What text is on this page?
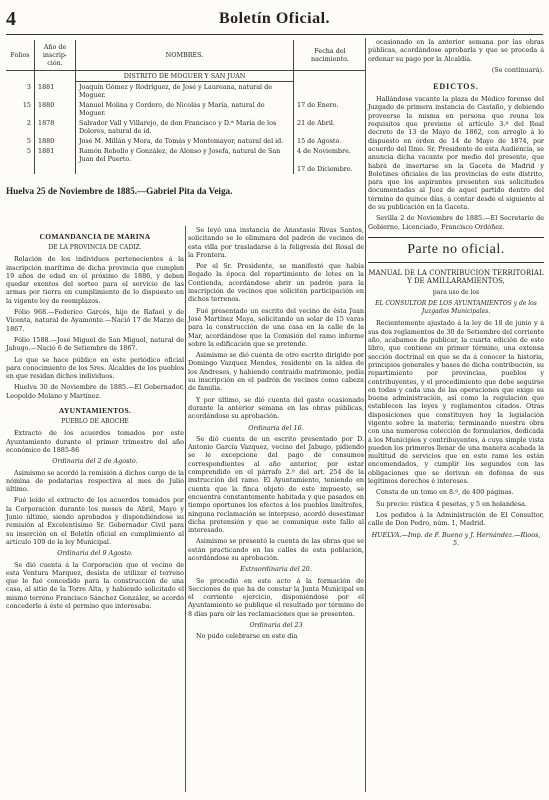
4	Boletín Oficial.
Folios	Año de inscrip-ción.	NOMBRES.	Fecha del nacimiento.
		DISTRITO DE MOGUER Y SAN JUAN	
3	1881	Joaquín Gómez y Rodríguez, de José y Laureana, natural de Moguer.	
15	1880	Manuel Molina y Cordero, de Nicolás y María, natural de Moguer.	17 de Enero.
2	1878	Salvador Vall y Villarejo, de don Francisco y D.ª María de los Dolores, natural de id.	21 de Abril.
5	1880	José M. Millán y Mora, de Tomás y Montemayor, natural del id.	15 de Agosto.
5	1881	Ramón Rebollo y González, de Alonso y Josefa, natural de San Juan del Puerto.	4 de Noviembre.
			17 de Diciembre.
Huelva 25 de Noviembre de 1885.—Gabriel Pita da Veiga.

COMANDANCIA DE MARINA

DE LA PROVINCIA DE CADIZ.

Relación de los individuos pertenecientes á la inscripción marítima de dicha provincia que cumplen 19 años de edad en el próximo de 1886, y deben quedar exentos del sorteo para el servicio de las armas por tierra en cumplimiento de lo dispuesto en la vigente ley de reemplazos.

Fólio 968.—Federico Garcés, hijo de Rafael y de Vicenta, natural de Ayamonte.—Nació 17 de Marzo de 1867.

Fólio 1588.—José Miguel de San Miguel, natural de Jabugo.—Nació 6 de Setiembre de 1867.

Lo que se hace público en este periódico oficial para conocimiento de los Sres. Alcaldes de los pueblos en que residan dichos individuos.

Huelva 30 de Noviembre de 1885.—El Gobernador, Leopoldo Molano y Martínez.

AYUNTAMIENTOS.

PUEBLO DE AROCHE

Extracto de los acuerdos tomados por este Ayuntamiento durante el primer trimestre del año económico de 1885-86

Ordinaria del 2 de Agosto.

Asimismo se acordó la remisión á dichos cargo de la nómina de podatarias respectiva al mes de Julio último.

Fué leído el extracto de los acuerdos tomados por la Corporación durante los meses de Abril, Mayo y Junio último, siendo aprobados y dispondiéndose su remisión al Excelentísimo Sr. Gobernador Civil para su inserción en el Boletín oficial en cumplimiento al artículo 109 de la ley Municipal.

Ordinaria del 9 Agosto.

Se dió cuenta á la Corporación que el vecino de esta Ventura Marquez, desista de utilizar el terreno que le fué concedido para la construcción de una casa, al sitio de la Torre Alta, y habiendo solicitado el mismo terreno Francisco Sánchez González, se acordó concederle á éste el permiso que interesaba.

Se leyó una instancia de Anastasio Rivas Santos, solicitando se le eliminara del padrón de vecinos de esta villa por trasladarse á la feligresía del Rosal de la Frontera.

Por el Sr. Presidente, se manifestó que había llegado la época del repartimiento de lotes en la Contienda, acordándose abrir un padrón para la inscripción de vecinos que soliciten participación en dichos terrenos.

Fué presentado un escrito del vecino de ésta Juan José Martínez Maya, solicitando un solar de 15 varas para la construcción de una casa en la calle de la Mar, acordándose que la Comisión del ramo informe sobre la edificación que se pretende.

Asimismo se dió cuenta de otro escrito dirigido por Domingo Vazquez Mendes, residente en la aldea de los Andreses, y habiendo contraido matrimonio, pedía su inscripción en el padrón de vecinos como cabeza de familia.

Y por último, se dió cuenta del gasto ocasionado durante la anterior semana en las obras públicas, acordándose su aprobación.

Ordinaria del 16.

Se dió cuenta de un escrito presentado por D. Antonio García Vazquez, vecino del Jabugo, pidiendo se le excepcione del pago de consumos correspondientes al año anterior, por estar comprendido en el párrafo 2.º del art. 254 de la instrucción del ramo. El Ayuntamiento, teniendo en cuenta que la finca objeto de este impuesto, se encuentra constantemente habitada y que pasados en tiempo oportunos los efectos á los pueblos limítrofes, ninguna reclamación se interpuso, acordó desestimar dicha pretensión y que se comunique este fallo al interesado.

Asimismo se presentó la cuenta de las obras que se están practicando en las calles de esta población, acordándose su aprobación.

Extraordinaria del 20.

Se procedió en este acto á la formación de Secciones de que ha de constar la Junta Municipal en el corriente ejercicio, disponiéndose por el Ayuntamiento se publique el resultado por término de 8 días para oír las reclamaciones que se presenten.

Ordinaria del 23

No pudo celebrarse en este día

ocasionado en la anterior semana por las obras públicas, acordándose aprobarla y que se proceda á ordenar su pago por la Alcaldía.

(Se continuará).

EDICTOS.

Hallándose vacante la plaza de Médico forense del Juzgado de primera instancia de Castaño, y debiendo proveerse la misma en persona que reuna los requisitos que previene el artículo 3.º del Real decreto de 13 de Mayo de 1862, con arreglo á lo dispuesto en órden de 14 de Mayo de 1874, por acuerdo del Ilmo. Sr. Presidente de esta Audiencia, se anuncia dicha vacante por medio del presente, que habrá de insertarse en la Gaceta de Madrid y Boletines oficiales de las provincias de este distrito, para que los aspirantes presenten sus solicitudes documentadas al Juez de aquel partido dentro del término de quince días, á contar desde el siguiente al de su publicación en la Gaceta.

Sevilla 2 de Noviembre de 1885.—El Secretario de Gobierno, Licenciado, Francisco Ordóñez.

Parte no oficial.

MANUAL DE LA CONTRIBUCION TERRITORIAL Y DE AMILLARAMIENTOS,

para uso de los

EL CONSULTOR DE LOS AYUNTAMIENTOS y de los Juzgados Municipales.

Recientemente ajustado á la ley de 18 de junio y á sus dos reglamentos de 30 de Setiembre del corriente año, acabamos de publicar, la cuarta edición de este libro, que contiene en primer término, una extensa sección doctrinal en que se da á conocer la historia, principios generales y bases de dicha contribución, su repartimiento por provincias, pueblos y contribuyentes, y el procedimiento que debe seguirse en todas y cada una de las operaciones que exige su buena administración, así como la regulación que establecen las leyes y reglamentos citados. Otras disposiciones que constituyen hoy la legislación vigente sobre la materia; terminando nuestra obra con una numerosa colección de formularios, dedicada á los Municipios y contribuyentes, á cuya simple vista pueden los primeros llenar de una manera acabada la multitud de servicios que en este ramo les están encomendados, y cumplir los segundos con las obligaciones que se derivan en defensa de sus legítimos derechos é intereses.

Consta de un tomo en 8.º, de 400 páginas.

Su precio: rústica 4 pesetas, y 5 en holandesa.

Los pedidos á la Administración de El Consultor, calle de Don Pedro, núm. 1, Madrid.

HUELVA.—Imp. de F. Bueno y J. Hernández.—Rioos, 5.
